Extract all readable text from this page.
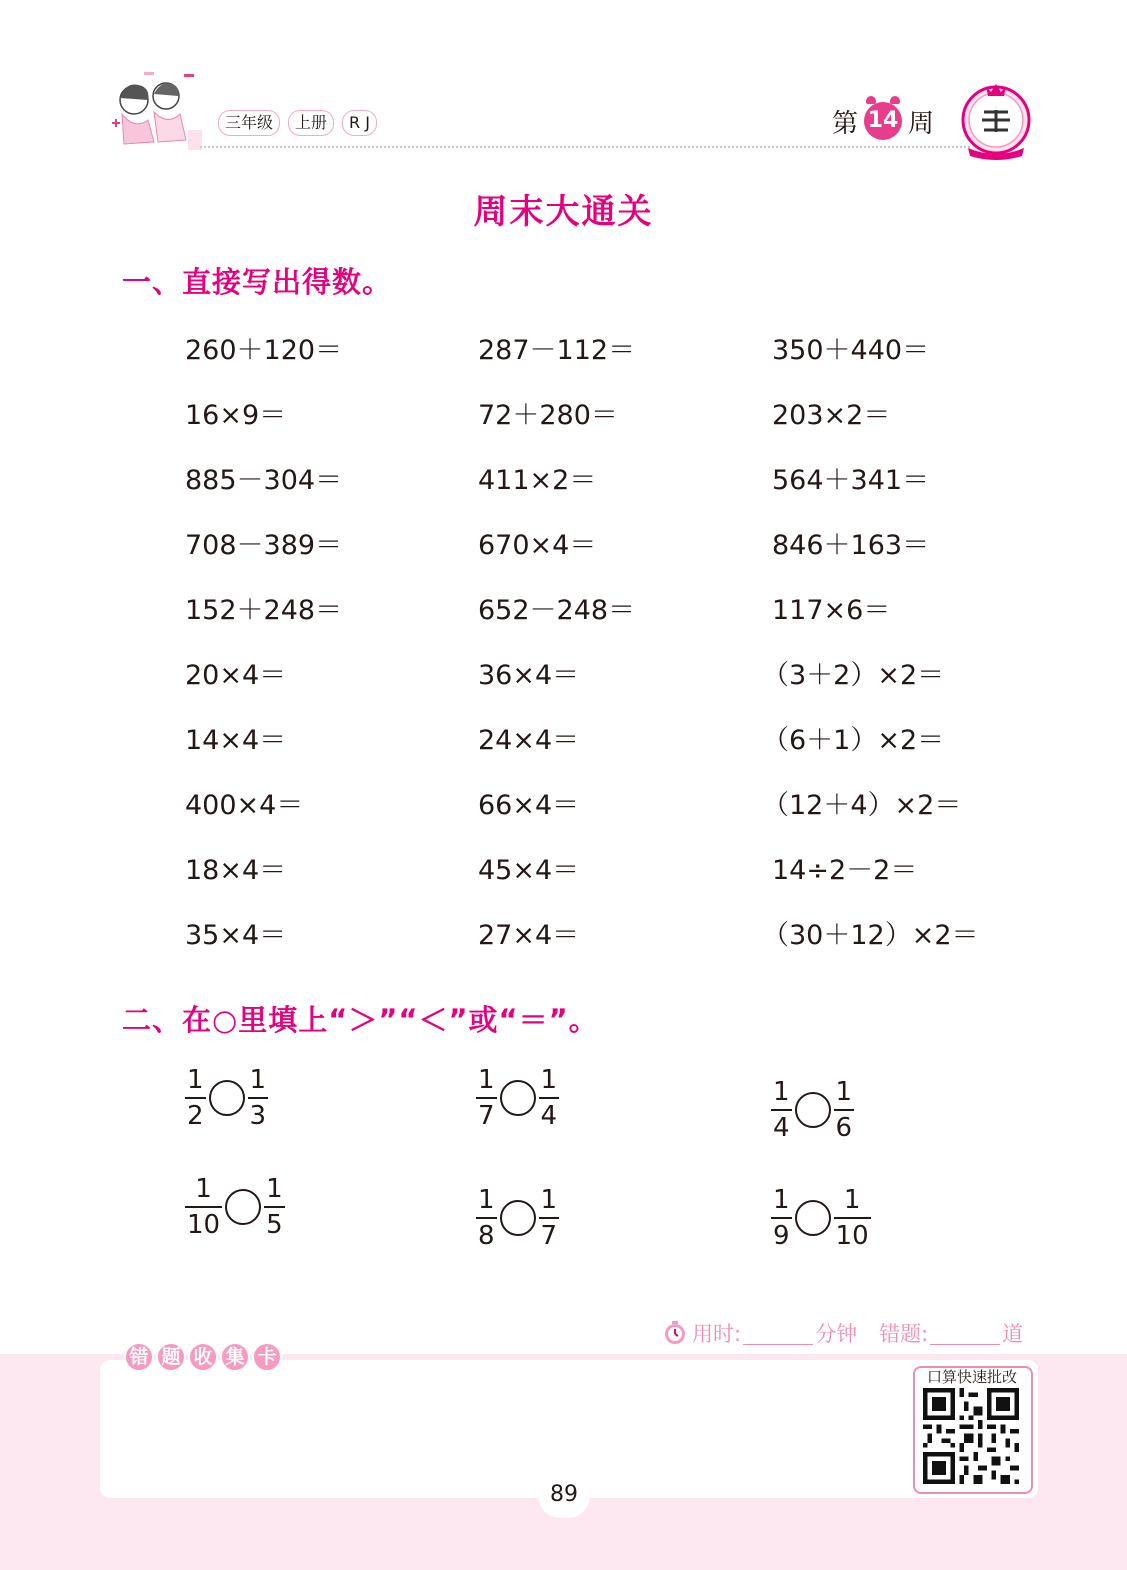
三年级	上册	R J	第 14 周
周末大通关
一、直接写出得数。
260＋120＝	287－112＝	350＋440＝
16×9＝	72＋280＝	203×2＝
885－304＝	411×2＝	564＋341＝
708－389＝	670×4＝	846＋163＝
152＋248＝	652－248＝	117×6＝
20×4＝	36×4＝	（3＋2）×2＝
14×4＝	24×4＝	（6＋1）×2＝
400×4＝	66×4＝	（12＋4）×2＝
18×4＝	45×4＝	14÷2－2＝
35×4＝	27×4＝	（30＋12）×2＝
二、在○里填上“＞”“＜”或“＝”。
$\frac{1}{2} \frac{1}{3}$	$\frac{1}{7} \frac{1}{4}$	$\frac{1}{4} \frac{1}{6}$
$\frac{1}{10} \frac{1}{5}$	$\frac{1}{8} \frac{1}{7}$	$\frac{1}{9} \frac{1}{10}$
用时:	分钟 错题:	道
错 题 收 集 卡
口算快速批改
89
